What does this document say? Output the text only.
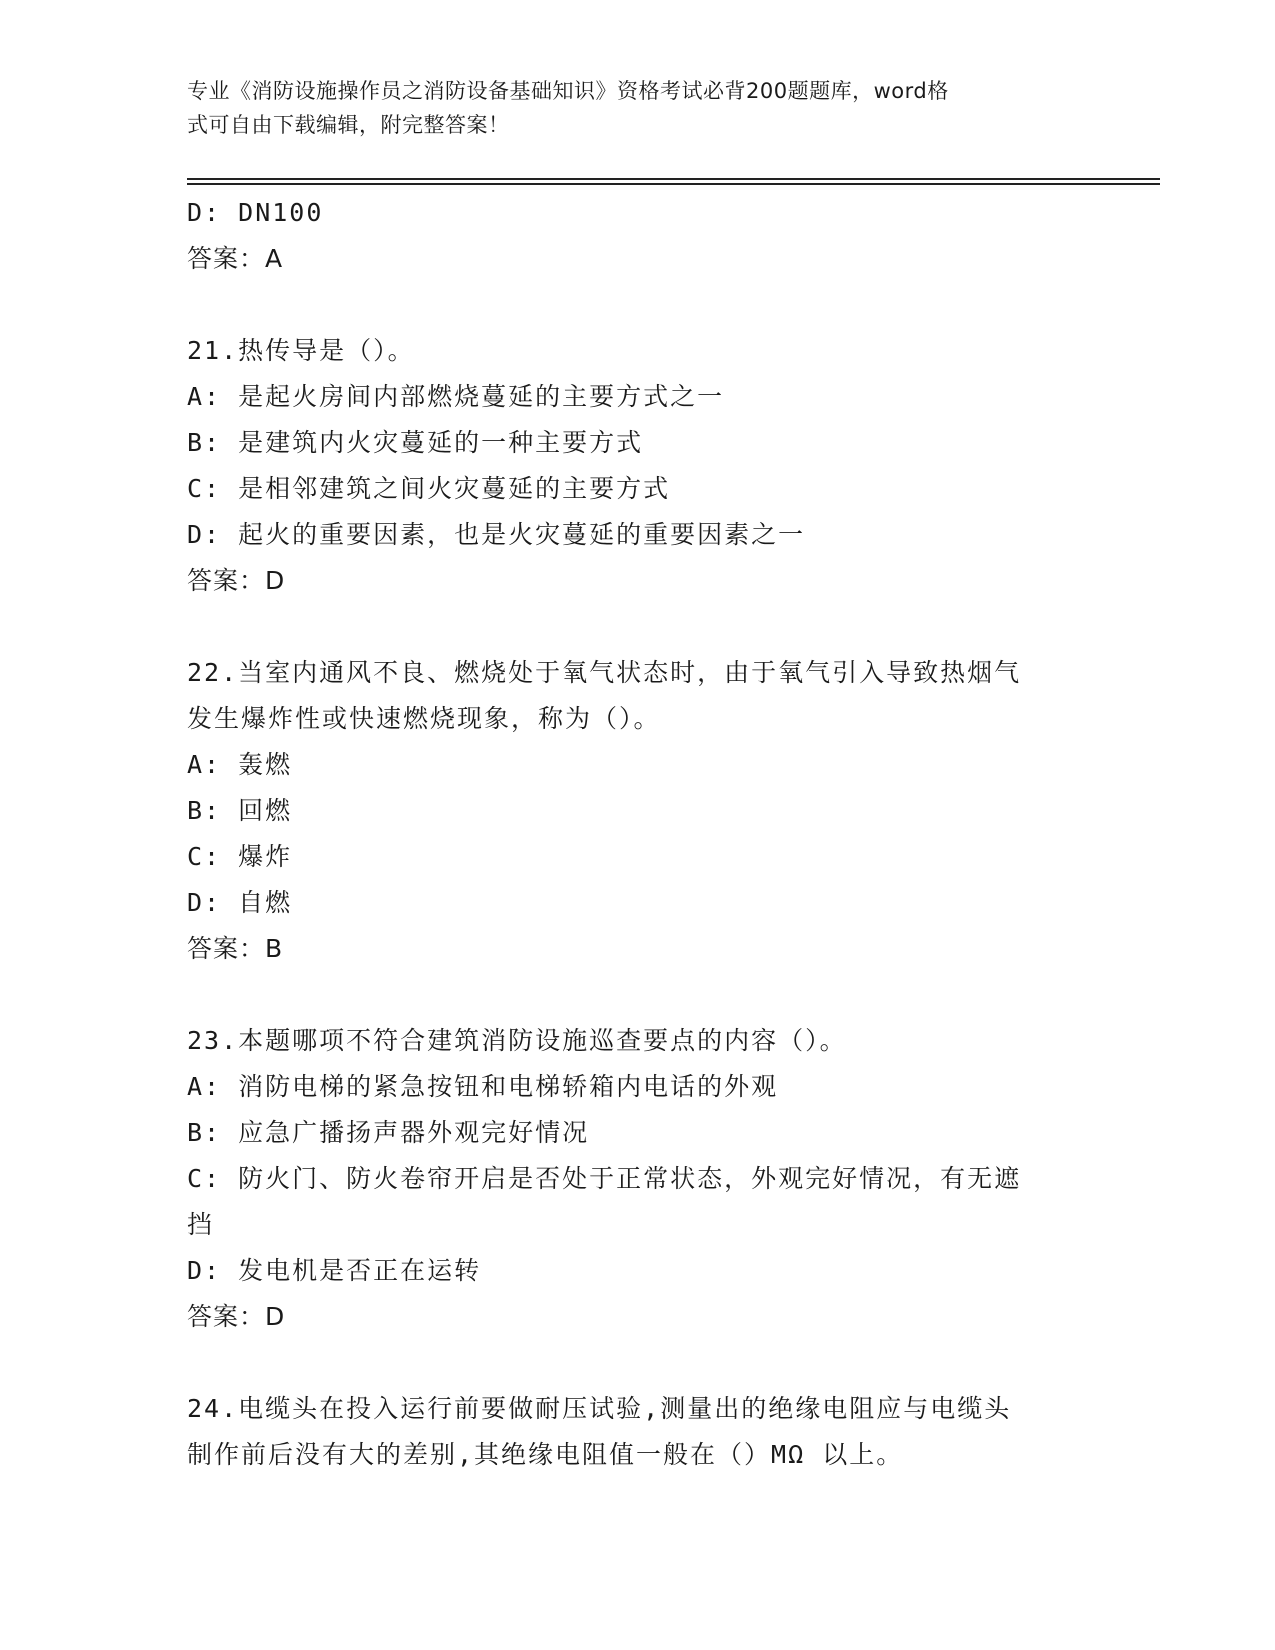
专业《消防设施操作员之消防设备基础知识》资格考试必背200题题库，word格
式可自由下载编辑，附完整答案！
D: DN100
答案：A
21.热传导是（）。
A: 是起火房间内部燃烧蔓延的主要方式之一
B: 是建筑内火灾蔓延的一种主要方式
C: 是相邻建筑之间火灾蔓延的主要方式
D: 起火的重要因素，也是火灾蔓延的重要因素之一
答案：D
22.当室内通风不良、燃烧处于氧气状态时，由于氧气引入导致热烟气
发生爆炸性或快速燃烧现象，称为（）。
A: 轰燃
B: 回燃
C: 爆炸
D: 自燃
答案：B
23.本题哪项不符合建筑消防设施巡查要点的内容（）。
A: 消防电梯的紧急按钮和电梯轿箱内电话的外观
B: 应急广播扬声器外观完好情况
C: 防火门、防火卷帘开启是否处于正常状态，外观完好情况，有无遮
挡
D: 发电机是否正在运转
答案：D
24.电缆头在投入运行前要做耐压试验,测量出的绝缘电阻应与电缆头
制作前后没有大的差别,其绝缘电阻值一般在（）MΩ 以上。
